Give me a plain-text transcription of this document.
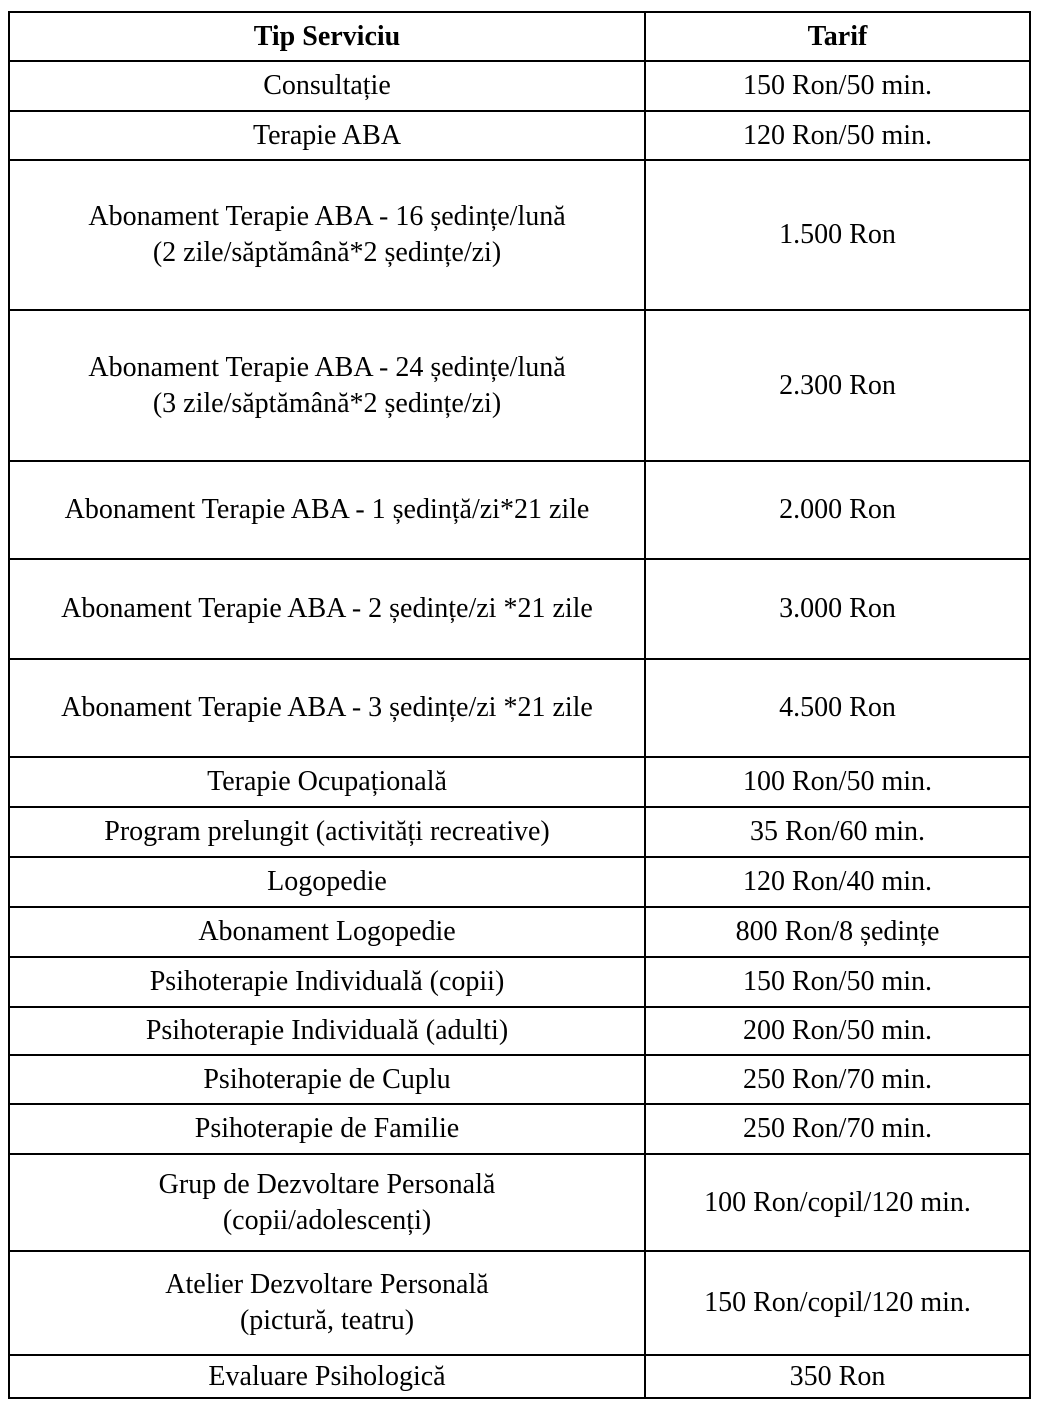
Tip Serviciu	Tarif

Consultație	150 Ron/50 min.

Terapie ABA	120 Ron/50 min.

Abonament Terapie ABA - 16 ședințe/lună
(2 zile/săptămână*2 ședințe/zi)	1.500 Ron

Abonament Terapie ABA - 24 ședințe/lună
(3 zile/săptămână*2 ședințe/zi)	2.300 Ron

Abonament Terapie ABA - 1 ședință/zi*21 zile	2.000 Ron

Abonament Terapie ABA - 2 ședințe/zi *21 zile	3.000 Ron

Abonament Terapie ABA - 3 ședințe/zi *21 zile	4.500 Ron

Terapie Ocupațională	100 Ron/50 min.

Program prelungit (activități recreative)	35 Ron/60 min.

Logopedie	120 Ron/40 min.

Abonament Logopedie	800 Ron/8 ședințe

Psihoterapie Individuală (copii)	150 Ron/50 min.

Psihoterapie Individuală (adulti)	200 Ron/50 min.

Psihoterapie de Cuplu	250 Ron/70 min.

Psihoterapie de Familie	250 Ron/70 min.

Grup de Dezvoltare Personală
(copii/adolescenți)	100 Ron/copil/120 min.

Atelier Dezvoltare Personală
(pictură, teatru)	150 Ron/copil/120 min.

Evaluare Psihologică	350 Ron
